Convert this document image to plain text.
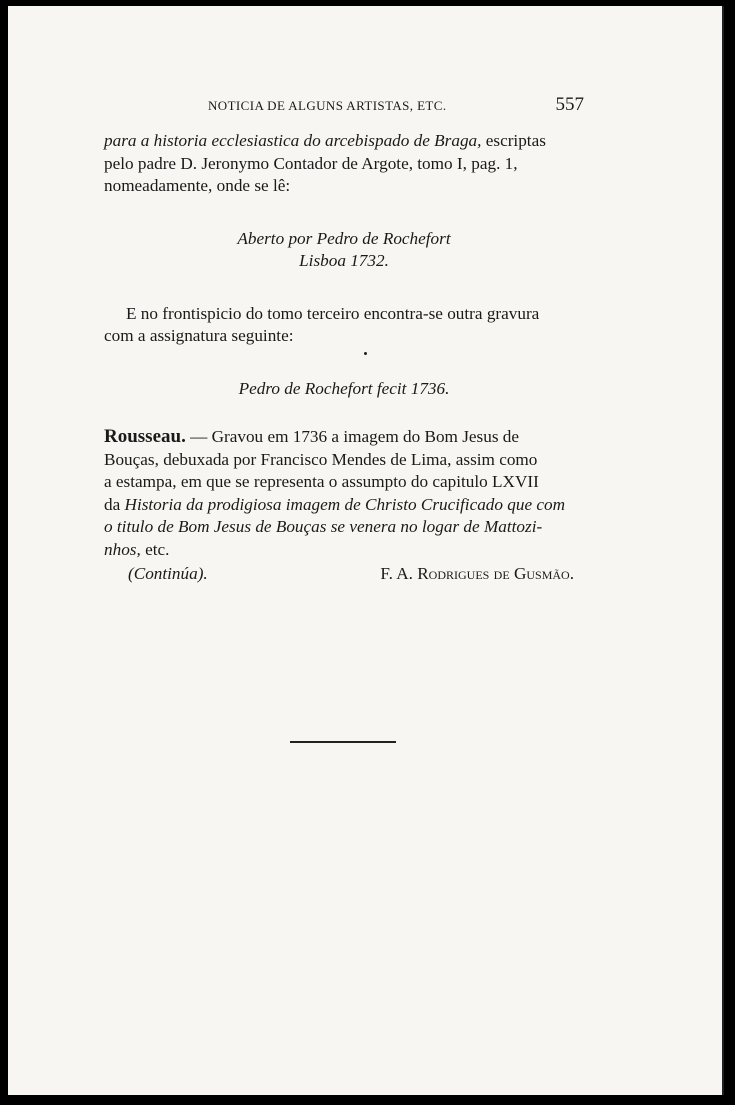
NOTICIA DE ALGUNS ARTISTAS, ETC.	557

para a historia ecclesiastica do arcebispado de Braga, escriptas
pelo padre D. Jeronymo Contador de Argote, tomo I, pag. 1,
nomeadamente, onde se lê:

Aberto por Pedro de Rochefort
Lisboa 1732.

E no frontispicio do tomo terceiro encontra-se outra gravura
com a assignatura seguinte:

Pedro de Rochefort fecit 1736.

Rousseau. — Gravou em 1736 a imagem do Bom Jesus de
Bouças, debuxada por Francisco Mendes de Lima, assim como
a estampa, em que se representa o assumpto do capitulo LXVII
da Historia da prodigiosa imagem de Christo Crucificado que com
o titulo de Bom Jesus de Bouças se venera no logar de Mattozi-
nhos, etc.

(Continúa).	F. A. Rodrigues de Gusmão.
